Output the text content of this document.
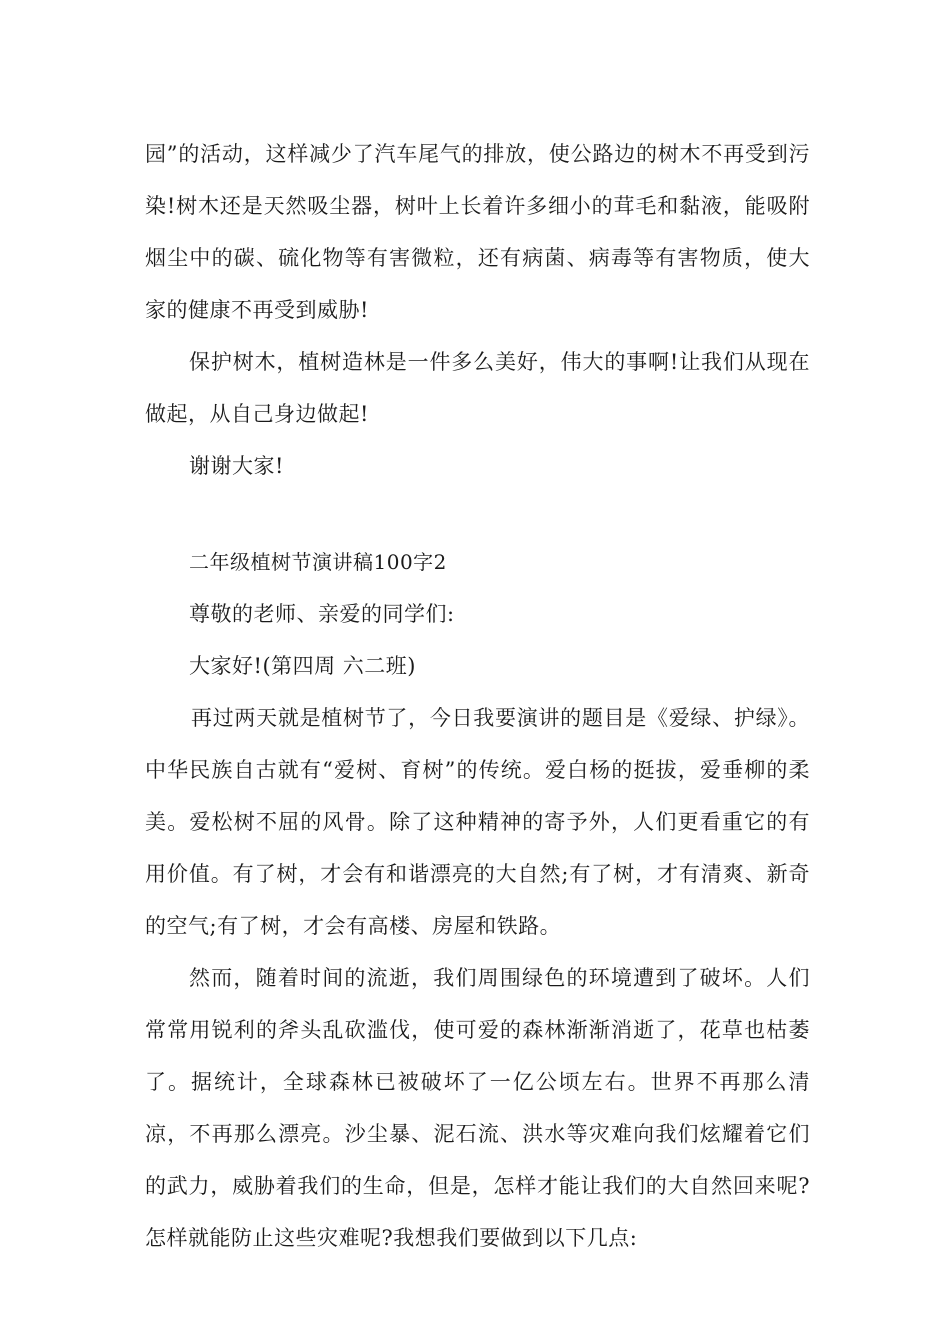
园”的活动，这样减少了汽车尾气的排放，使公路边的树木不再受到污染!树木还是天然吸尘器，树叶上长着许多细小的茸毛和黏液，能吸附烟尘中的碳、硫化物等有害微粒，还有病菌、病毒等有害物质，使大家的健康不再受到威胁!

保护树木，植树造林是一件多么美好，伟大的事啊!让我们从现在做起，从自己身边做起!

谢谢大家!

二年级植树节演讲稿100字2

尊敬的老师、亲爱的同学们:

大家好!(第四周 六二班)

再过两天就是植树节了，今日我要演讲的题目是《爱绿、护绿》。 中华民族自古就有“爱树、育树”的传统。爱白杨的挺拔，爱垂柳的柔美。爱松树不屈的风骨。除了这种精神的寄予外，人们更看重它的有用价值。有了树，才会有和谐漂亮的大自然;有了树，才有清爽、新奇的空气;有了树，才会有高楼、房屋和铁路。

然而，随着时间的流逝，我们周围绿色的环境遭到了破坏。人们常常用锐利的斧头乱砍滥伐，使可爱的森林渐渐消逝了，花草也枯萎了。据统计，全球森林已被破坏了一亿公顷左右。世界不再那么清凉，不再那么漂亮。沙尘暴、泥石流、洪水等灾难向我们炫耀着它们的武力，威胁着我们的生命，但是，怎样才能让我们的大自然回来呢?怎样就能防止这些灾难呢?我想我们要做到以下几点:
